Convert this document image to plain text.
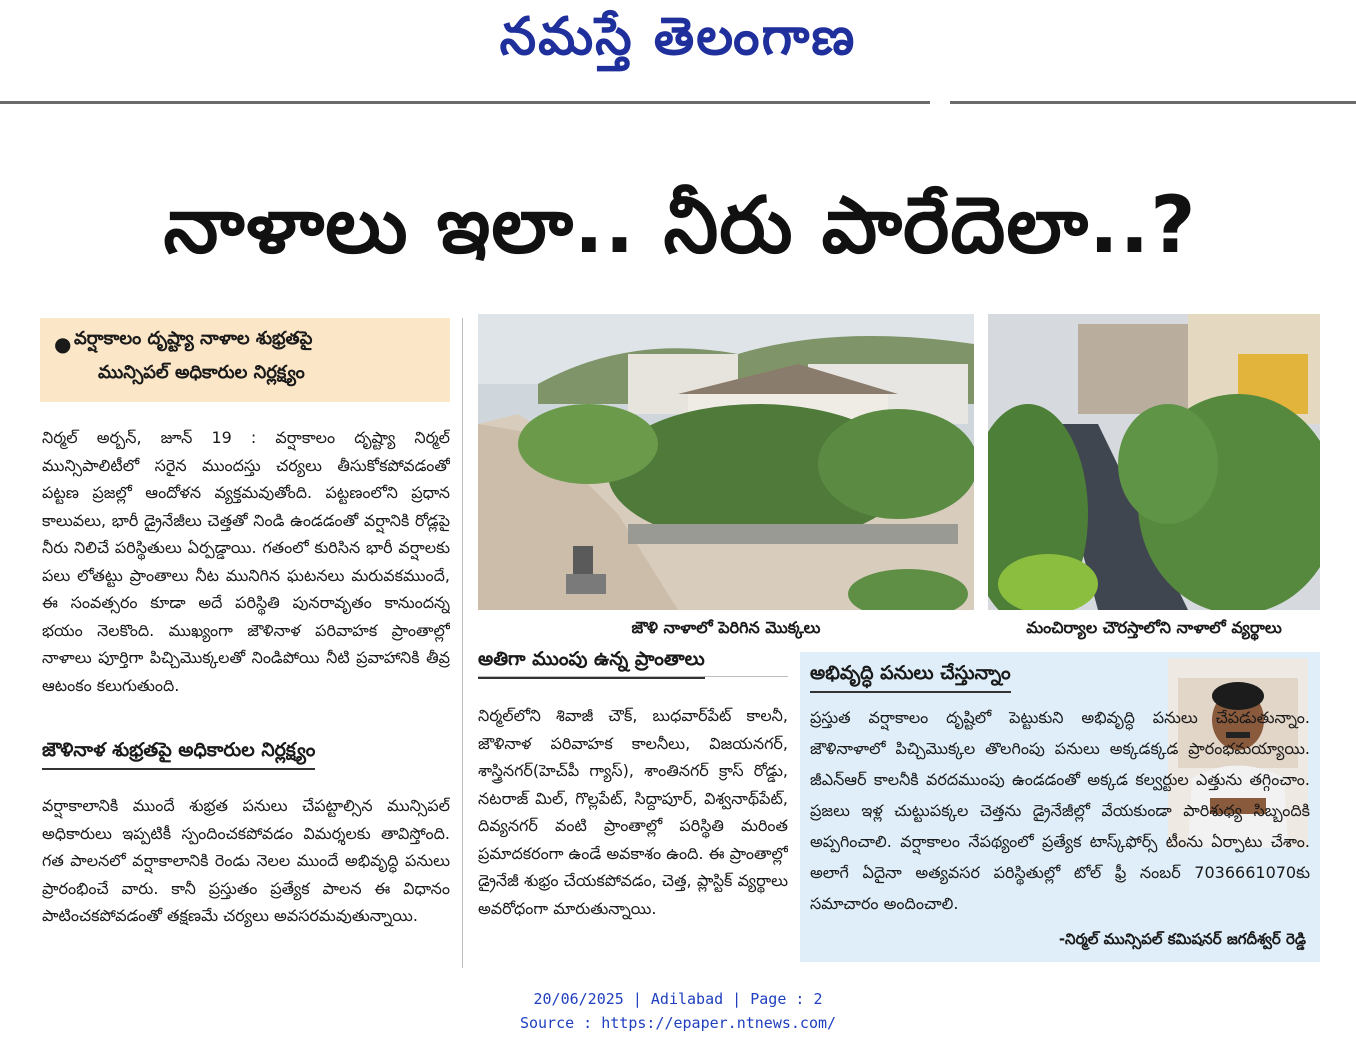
నమస్తే తెలంగాణ
నాళాలు ఇలా.. నీరు పారేదెలా..?
● వర్షాకాలం దృష్ట్యా నాళాల శుభ్రతపై
మున్సిపల్ అధికారుల నిర్లక్ష్యం

నిర్మల్ అర్బన్, జూన్ 19 : వర్షాకాలం దృష్ట్యా నిర్మల్ మున్సిపాలిటీలో సరైన ముందస్తు చర్యలు తీసుకోకపోవడంతో పట్టణ ప్రజల్లో ఆందోళన వ్యక్తమవుతోంది. పట్టణంలోని ప్రధాన కాలువలు, భారీ డ్రైనేజీలు చెత్తతో నిండి ఉండడంతో వర్షానికి రోడ్లపై నీరు నిలిచే పరిస్థితులు ఏర్పడ్డాయి. గతంలో కురిసిన భారీ వర్షాలకు పలు లోతట్టు ప్రాంతాలు నీట మునిగిన ఘటనలు మరువకముందే, ఈ సంవత్సరం కూడా అదే పరిస్థితి పునరావృతం కానుందన్న భయం నెలకొంది. ముఖ్యంగా జౌళినాళ పరివాహక ప్రాంతాల్లో నాళాలు పూర్తిగా పిచ్చిమొక్కలతో నిండిపోయి నీటి ప్రవాహానికి తీవ్ర ఆటంకం కలుగుతుంది.

జౌళినాళ శుభ్రతపై అధికారుల నిర్లక్ష్యం

వర్షాకాలానికి ముందే శుభ్రత పనులు చేపట్టాల్సిన మున్సిపల్ అధికారులు ఇప్పటికీ స్పందించకపోవడం విమర్శలకు తావిస్తోంది. గత పాలనలో వర్షాకాలానికి రెండు నెలల ముందే అభివృద్ధి పనులు ప్రారంభించే వారు. కానీ ప్రస్తుతం ప్రత్యేక పాలన ఈ విధానం పాటించకపోవడంతో తక్షణమే చర్యలు అవసరమవుతున్నాయి.

జౌళి నాళాలో పెరిగిన మొక్కలు	మంచిర్యాల చౌరస్తాలోని నాళాలో వ్యర్థాలు
అతిగా ముంపు ఉన్న ప్రాంతాలు

నిర్మల్‌లోని శివాజీ చౌక్, బుధవార్‌పేట్ కాలనీ, జౌళినాళ పరివాహక కాలనీలు, విజయనగర్, శాస్త్రినగర్(హెచ్‌పీ గ్యాస్), శాంతినగర్ క్రాస్ రోడ్డు, నటరాజ్ మిల్, గొల్లపేట్, సిద్దాపూర్, విశ్వనాథ్‌పేట్, దివ్యనగర్ వంటి ప్రాంతాల్లో పరిస్థితి మరింత ప్రమాదకరంగా ఉండే అవకాశం ఉంది. ఈ ప్రాంతాల్లో డ్రైనేజీ శుభ్రం చేయకపోవడం, చెత్త, ప్లాస్టిక్ వ్యర్థాలు అవరోధంగా మారుతున్నాయి.

అభివృద్ధి పనులు చేస్తున్నాం
ప్రస్తుత వర్షాకాలం దృష్టిలో పెట్టుకుని అభివృద్ధి పనులు చేపడుతున్నాం. జౌళినాళాలో పిచ్చిమొక్కల తొలగింపు పనులు అక్కడక్కడ ప్రారంభమయ్యాయి. జీఎన్‌ఆర్ కాలనీకి వరదముంపు ఉండడంతో అక్కడ కల్వర్టుల ఎత్తును తగ్గించాం. ప్రజలు ఇళ్ల చుట్టుపక్కల చెత్తను డ్రైనేజీల్లో వేయకుండా పారిశుధ్య సిబ్బందికి అప్పగించాలి. వర్షాకాలం నేపథ్యంలో ప్రత్యేక టాస్క్‌ఫోర్స్ టీంను ఏర్పాటు చేశాం. అలాగే ఏదైనా అత్యవసర పరిస్థితుల్లో టోల్ ఫ్రీ నంబర్ 7036661070కు సమాచారం అందించాలి.
-నిర్మల్ మున్సిపల్ కమిషనర్ జగదీశ్వర్ రెడ్డి
20/06/2025 | Adilabad | Page : 2
Source : https://epaper.ntnews.com/
